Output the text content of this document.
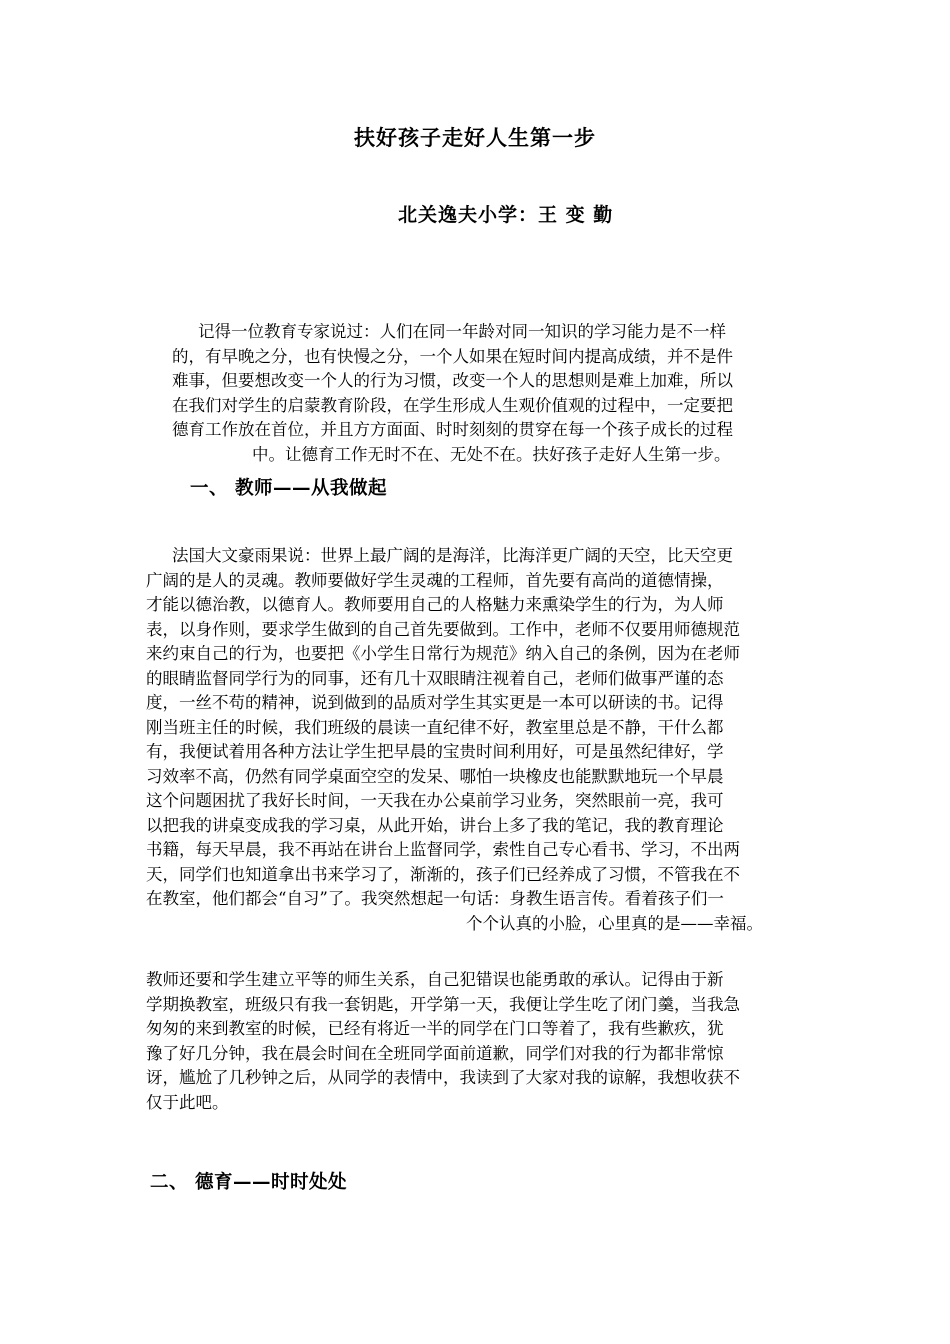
扶好孩子走好人生第一步
北关逸夫小学：王 变 勤
记得一位教育专家说过：人们在同一年龄对同一知识的学习能力是不一样
的，有早晚之分，也有快慢之分，一个人如果在短时间内提高成绩，并不是件
难事，但要想改变一个人的行为习惯，改变一个人的思想则是难上加难，所以
在我们对学生的启蒙教育阶段，在学生形成人生观价值观的过程中，一定要把
德育工作放在首位，并且方方面面、时时刻刻的贯穿在每一个孩子成长的过程
中。让德育工作无时不在、无处不在。扶好孩子走好人生第一步。
一、 教师——从我做起
法国大文豪雨果说：世界上最广阔的是海洋，比海洋更广阔的天空，比天空更
广阔的是人的灵魂。教师要做好学生灵魂的工程师，首先要有高尚的道德情操，
才能以德治教，以德育人。教师要用自己的人格魅力来熏染学生的行为，为人师
表，以身作则，要求学生做到的自己首先要做到。工作中，老师不仅要用师德规范
来约束自己的行为，也要把《小学生日常行为规范》纳入自己的条例，因为在老师
的眼睛监督同学行为的同事，还有几十双眼睛注视着自己，老师们做事严谨的态
度，一丝不苟的精神，说到做到的品质对学生其实更是一本可以研读的书。记得
刚当班主任的时候，我们班级的晨读一直纪律不好，教室里总是不静，干什么都
有，我便试着用各种方法让学生把早晨的宝贵时间利用好，可是虽然纪律好，学
习效率不高，仍然有同学桌面空空的发呆、哪怕一块橡皮也能默默地玩一个早晨
这个问题困扰了我好长时间，一天我在办公桌前学习业务，突然眼前一亮，我可
以把我的讲桌变成我的学习桌，从此开始，讲台上多了我的笔记，我的教育理论
书籍，每天早晨，我不再站在讲台上监督同学，索性自己专心看书、学习，不出两
天，同学们也知道拿出书来学习了，渐渐的，孩子们已经养成了习惯，不管我在不
在教室，他们都会“自习”了。我突然想起一句话：身教生语言传。看着孩子们一
个个认真的小脸，心里真的是——幸福。
教师还要和学生建立平等的师生关系，自己犯错误也能勇敢的承认。记得由于新
学期换教室，班级只有我一套钥匙，开学第一天，我便让学生吃了闭门羹，当我急
匆匆的来到教室的时候，已经有将近一半的同学在门口等着了，我有些歉疚，犹
豫了好几分钟，我在晨会时间在全班同学面前道歉，同学们对我的行为都非常惊
讶，尴尬了几秒钟之后，从同学的表情中，我读到了大家对我的谅解，我想收获不
仅于此吧。
二、 德育——时时处处
